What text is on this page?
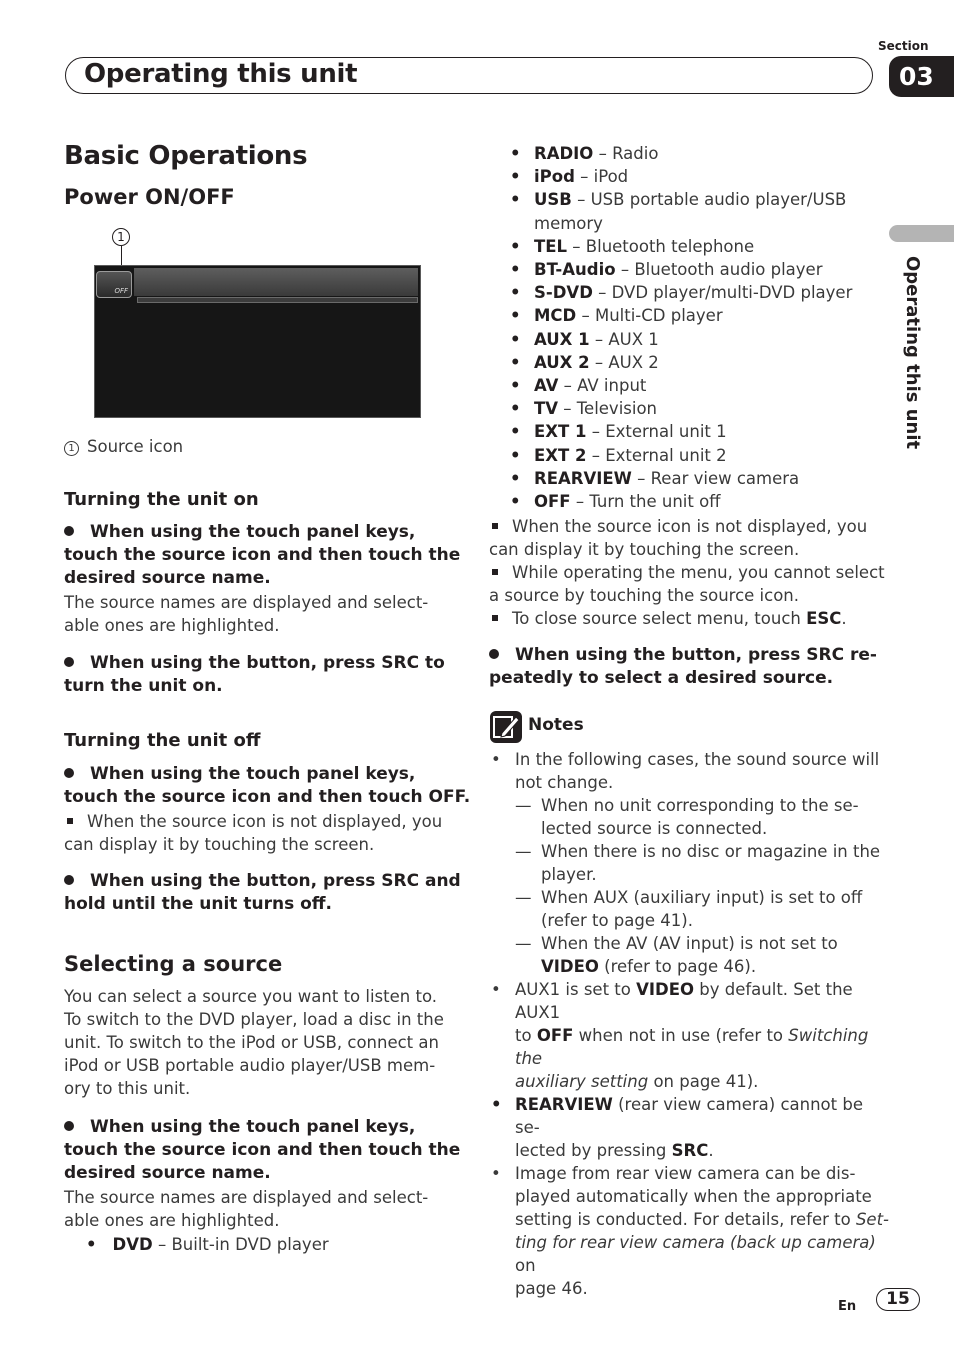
Section
Operating this unit	03
Operating this unit
Basic Operations
Power ON/OFF
1
OFF
1 Source icon
Turning the unit on
When using the touch panel keys,
touch the source icon and then touch the
desired source name.
The source names are displayed and select-
able ones are highlighted.
When using the button, press SRC to
turn the unit on.
Turning the unit off
When using the touch panel keys,
touch the source icon and then touch OFF.
When the source icon is not displayed, you
can display it by touching the screen.
When using the button, press SRC and
hold until the unit turns off.
Selecting a source
You can select a source you want to listen to.
To switch to the DVD player, load a disc in the
unit. To switch to the iPod or USB, connect an
iPod or USB portable audio player/USB mem-
ory to this unit.
When using the touch panel keys,
touch the source icon and then touch the
desired source name.
The source names are displayed and select-
able ones are highlighted.
• DVD – Built-in DVD player
• RADIO – Radio
• iPod – iPod
• USB – USB portable audio player/USB
memory
• TEL – Bluetooth telephone
• BT-Audio – Bluetooth audio player
• S-DVD – DVD player/multi-DVD player
• MCD – Multi-CD player
• AUX 1 – AUX 1
• AUX 2 – AUX 2
• AV – AV input
• TV – Television
• EXT 1 – External unit 1
• EXT 2 – External unit 2
• REARVIEW – Rear view camera
• OFF – Turn the unit off
When the source icon is not displayed, you
can display it by touching the screen.
While operating the menu, you cannot select
a source by touching the source icon.
To close source select menu, touch ESC.
When using the button, press SRC re-
peatedly to select a desired source.
Notes
• In the following cases, the sound source will
not change.
— When no unit corresponding to the se-
lected source is connected.
— When there is no disc or magazine in the
player.
— When AUX (auxiliary input) is set to off
(refer to page 41).
— When the AV (AV input) is not set to
VIDEO (refer to page 46).
• AUX1 is set to VIDEO by default. Set the AUX1
to OFF when not in use (refer to Switching the
auxiliary setting on page 41).
• REARVIEW (rear view camera) cannot be se-
lected by pressing SRC.
• Image from rear view camera can be dis-
played automatically when the appropriate
setting is conducted. For details, refer to Set-
ting for rear view camera (back up camera) on
page 46.
En	15
